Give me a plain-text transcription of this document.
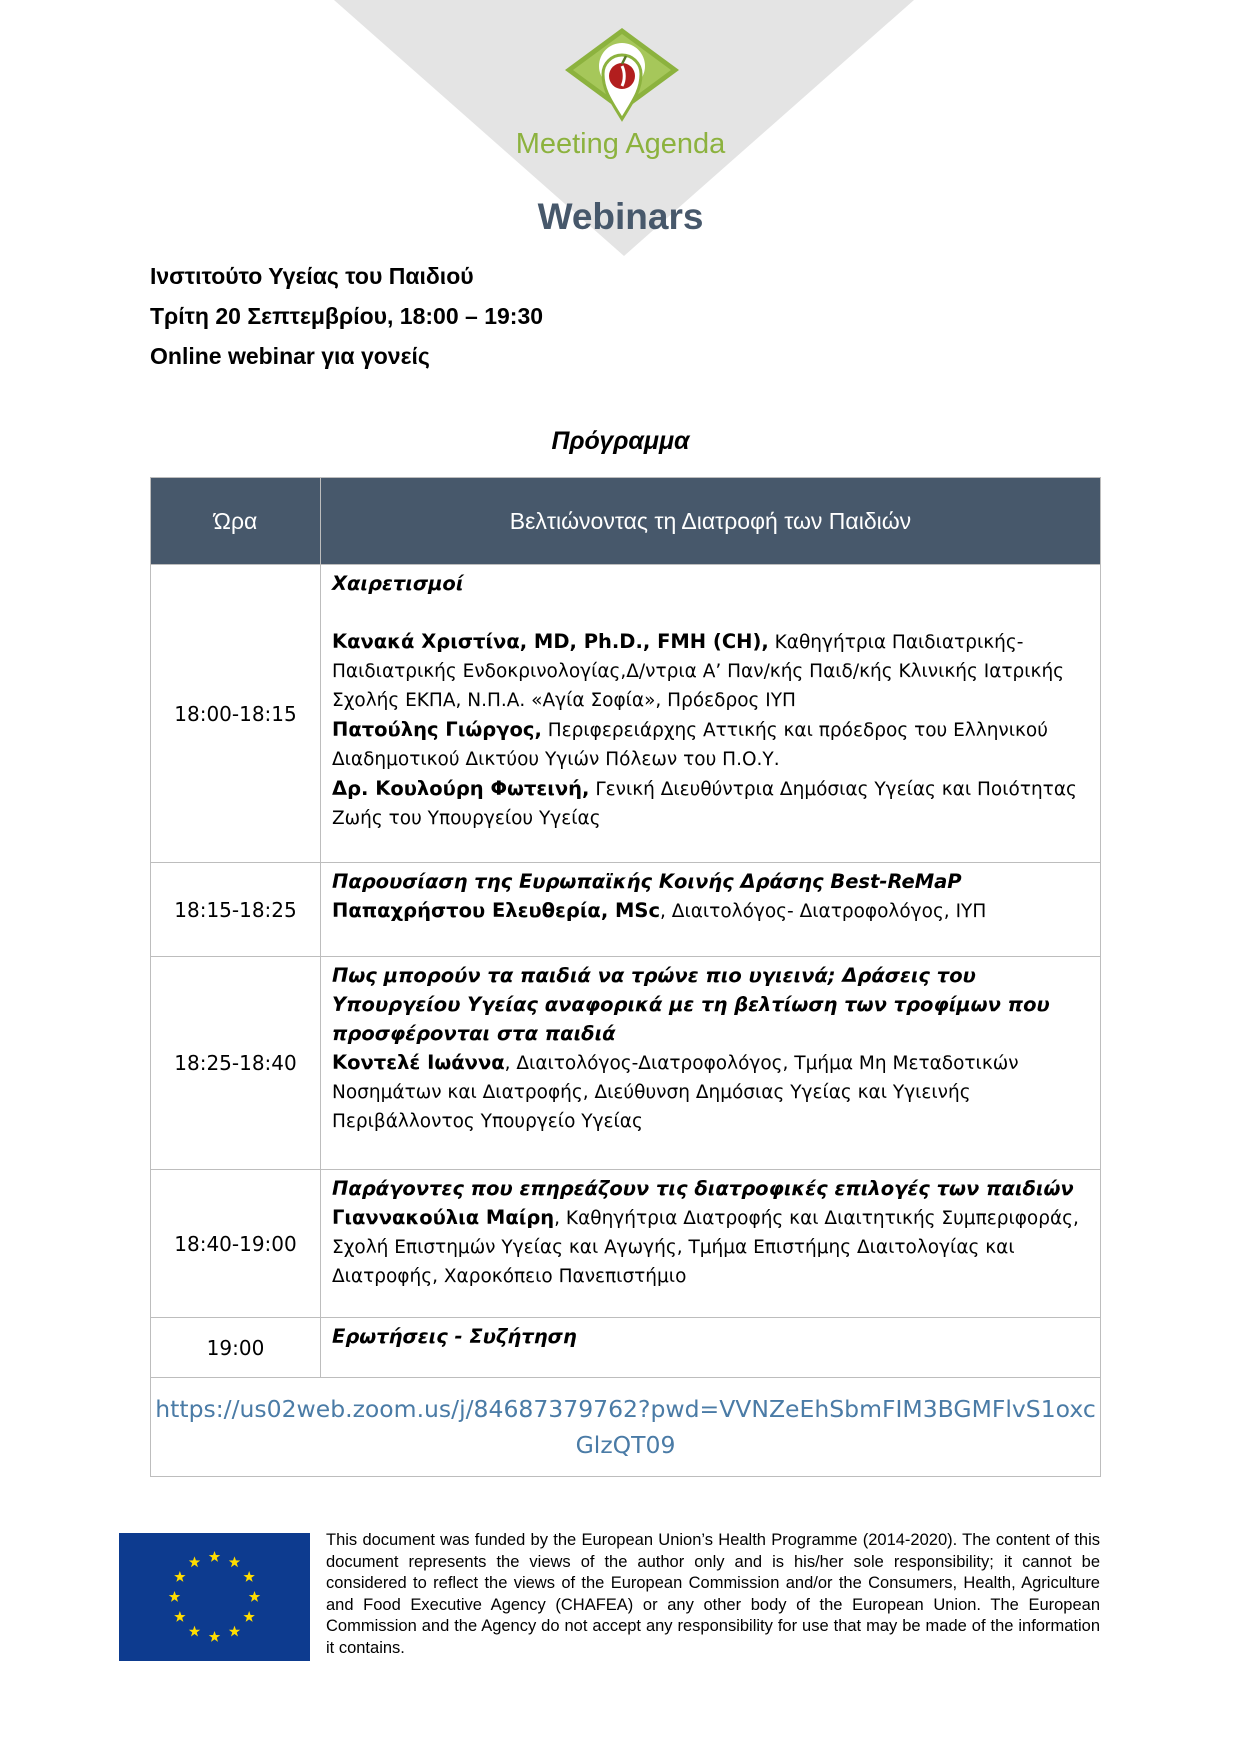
Meeting Agenda
Webinars
Ινστιτούτο Υγείας του Παιδιού
Τρίτη 20 Σεπτεμβρίου, 18:00 – 19:30
Online webinar για γονείς
Πρόγραμμα
Ώρα	Βελτιώνοντας τη Διατροφή των Παιδιών
18:00-18:15	Χαιρετισμοί
Κανακά Χριστίνα, MD, Ph.D., FMH (CH), Καθηγήτρια Παιδιατρικής-Παιδιατρικής Ενδοκρινολογίας,Δ/ντρια Α’ Παν/κής Παιδ/κής Κλινικής Ιατρικής Σχολής ΕΚΠΑ, Ν.Π.Α. «Αγία Σοφία», Πρόεδρος ΙΥΠ
Πατούλης Γιώργος, Περιφερειάρχης Αττικής και πρόεδρος του Ελληνικού Διαδημοτικού Δικτύου Υγιών Πόλεων του Π.Ο.Υ.
Δρ. Κουλούρη Φωτεινή, Γενική Διευθύντρια Δημόσιας Υγείας και Ποιότητας Ζωής του Υπουργείου Υγείας

18:15-18:25	Παρουσίαση της Ευρωπαϊκής Κοινής Δράσης Best-ReMaP
Παπαχρήστου Ελευθερία, MSc, Διαιτολόγος- Διατροφολόγος, ΙΥΠ

18:25-18:40	Πως μπορούν τα παιδιά να τρώνε πιο υγιεινά; Δράσεις του Υπουργείου Υγείας αναφορικά με τη βελτίωση των τροφίμων που προσφέρονται στα παιδιά
Κοντελέ Ιωάννα, Διαιτολόγος-Διατροφολόγος, Τμήμα Μη Μεταδοτικών Νοσημάτων και Διατροφής, Διεύθυνση Δημόσιας Υγείας και Υγιεινής Περιβάλλοντος Υπουργείο Υγείας

18:40-19:00	Παράγοντες που επηρεάζουν τις διατροφικές επιλογές των παιδιών
Γιαννακούλια Μαίρη, Καθηγήτρια Διατροφής και Διαιτητικής Συμπεριφοράς, Σχολή Επιστημών Υγείας και Αγωγής, Τμήμα Επιστήμης Διαιτολογίας και Διατροφής, Χαροκόπειο Πανεπιστήμιο

19:00	Ερωτήσεις - Συζήτηση

https://us02web.zoom.us/j/84687379762?pwd=VVNZeEhSbmFIM3BGMFlvS1oxcGlzQT09	
This document was funded by the European Union’s Health Programme (2014-2020). The content of this document represents the views of the author only and is his/her sole responsibility; it cannot be considered to reflect the views of the European Commission and/or the Consumers, Health, Agriculture and Food Executive Agency (CHAFEA) or any other body of the European Union. The European Commission and the Agency do not accept any responsibility for use that may be made of the information it contains.
